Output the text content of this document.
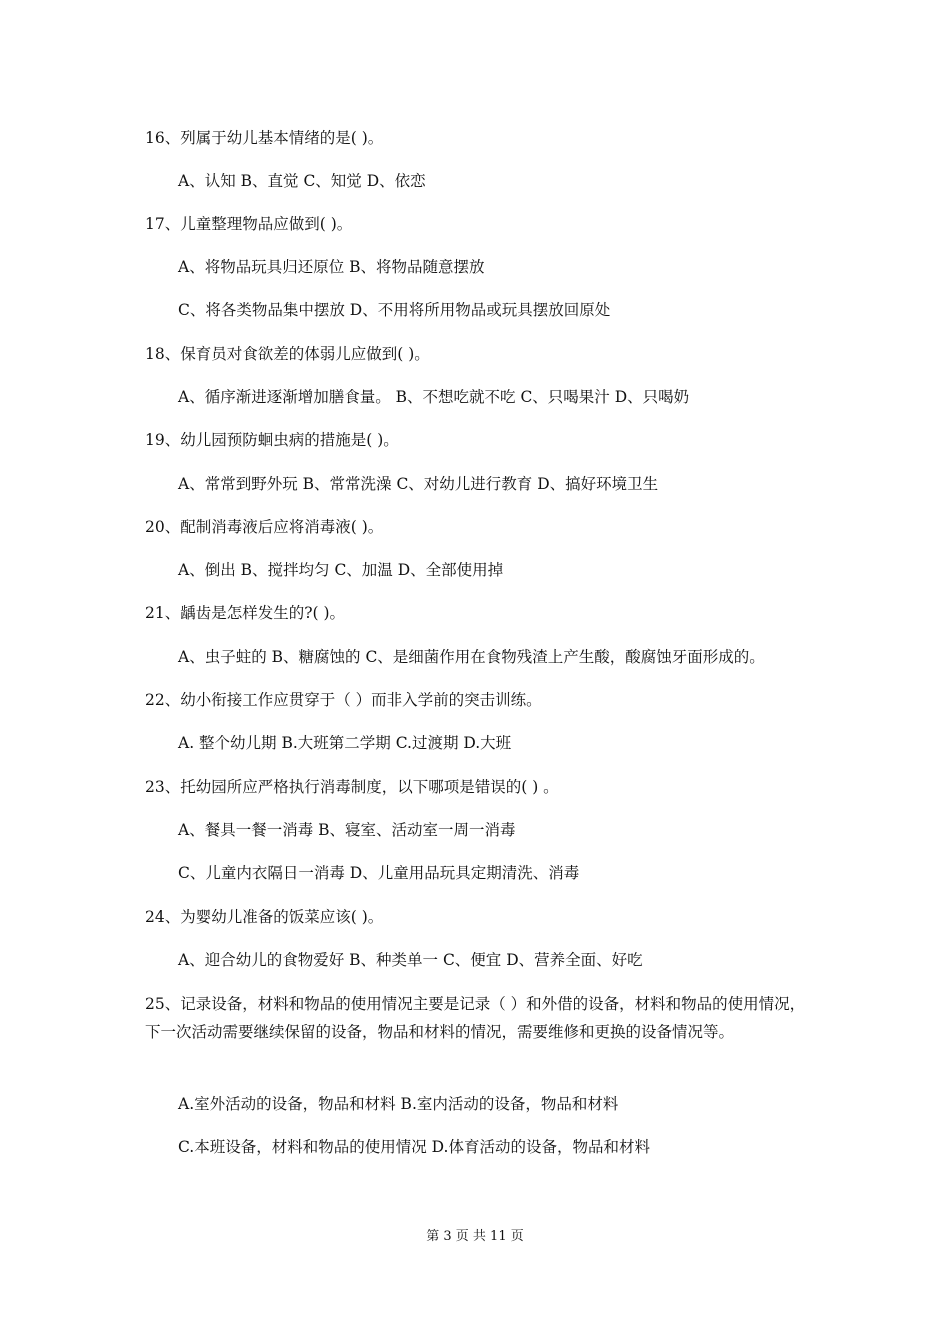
16、列属于幼儿基本情绪的是( )。
A、认知 B、直觉 C、知觉 D、依恋
17、儿童整理物品应做到( )。
A、将物品玩具归还原位 B、将物品随意摆放
C、将各类物品集中摆放 D、不用将所用物品或玩具摆放回原处
18、保育员对食欲差的体弱儿应做到( )。
A、循序渐进逐渐增加膳食量。 B、不想吃就不吃 C、只喝果汁 D、只喝奶
19、幼儿园预防蛔虫病的措施是( )。
A、常常到野外玩 B、常常洗澡 C、对幼儿进行教育 D、搞好环境卫生
20、配制消毒液后应将消毒液( )。
A、倒出 B、搅拌均匀 C、加温 D、全部使用掉
21、龋齿是怎样发生的?( )。
A、虫子蛀的 B、糖腐蚀的 C、是细菌作用在食物残渣上产生酸，酸腐蚀牙面形成的。
22、幼小衔接工作应贯穿于（ ）而非入学前的突击训练。
A. 整个幼儿期 B.大班第二学期 C.过渡期 D.大班
23、托幼园所应严格执行消毒制度，以下哪项是错误的( ) 。
A、餐具一餐一消毒 B、寝室、活动室一周一消毒
C、儿童内衣隔日一消毒 D、儿童用品玩具定期清洗、消毒
24、为婴幼儿准备的饭菜应该( )。
A、迎合幼儿的食物爱好 B、种类单一 C、便宜 D、营养全面、好吃
25、记录设备，材料和物品的使用情况主要是记录（ ）和外借的设备，材料和物品的使用情况，下一次活动需要继续保留的设备，物品和材料的情况，需要维修和更换的设备情况等。
A.室外活动的设备，物品和材料 B.室内活动的设备，物品和材料
C.本班设备，材料和物品的使用情况 D.体育活动的设备，物品和材料
第 3 页 共 11 页
